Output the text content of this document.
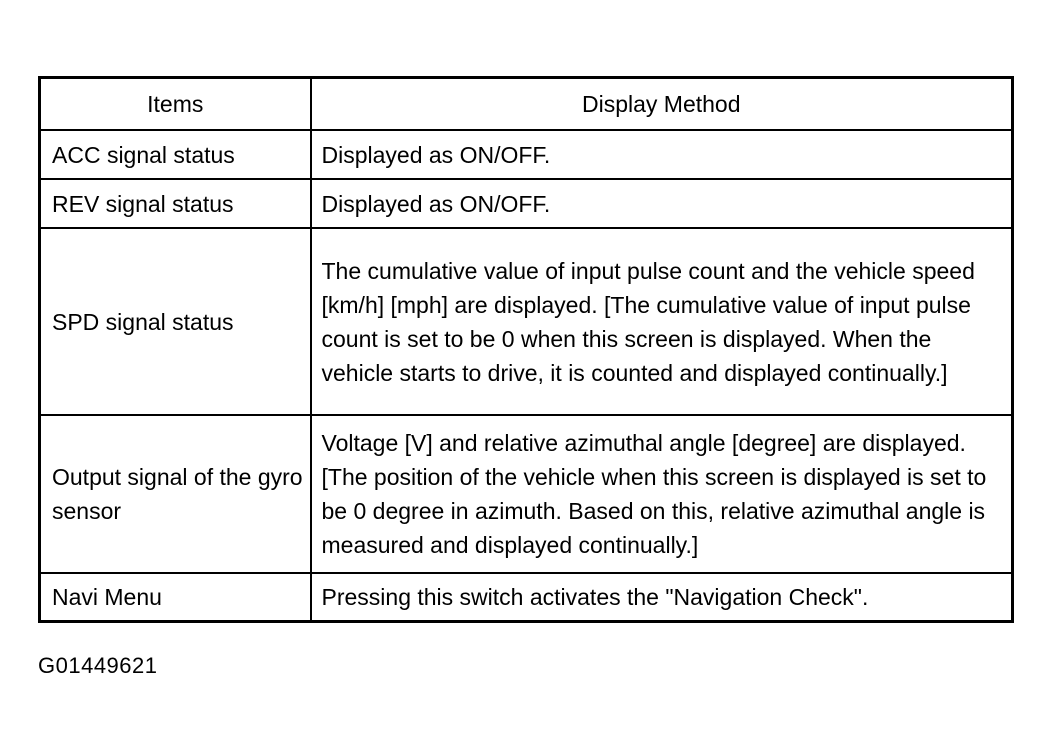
Items	Display Method
ACC signal status	Displayed as ON/OFF.
REV signal status	Displayed as ON/OFF.
SPD signal status	The cumulative value of input pulse count and the vehicle speed [km/h] [mph] are displayed. [The cumulative value of input pulse count is set to be 0 when this screen is displayed. When the vehicle starts to drive, it is counted and displayed continually.]
Output signal of the gyro sensor	Voltage [V] and relative azimuthal angle [degree] are displayed. [The position of the vehicle when this screen is displayed is set to be 0 degree in azimuth. Based on this, relative azimuthal angle is measured and displayed continually.]
Navi Menu	Pressing this switch activates the "Navigation Check".
G01449621
